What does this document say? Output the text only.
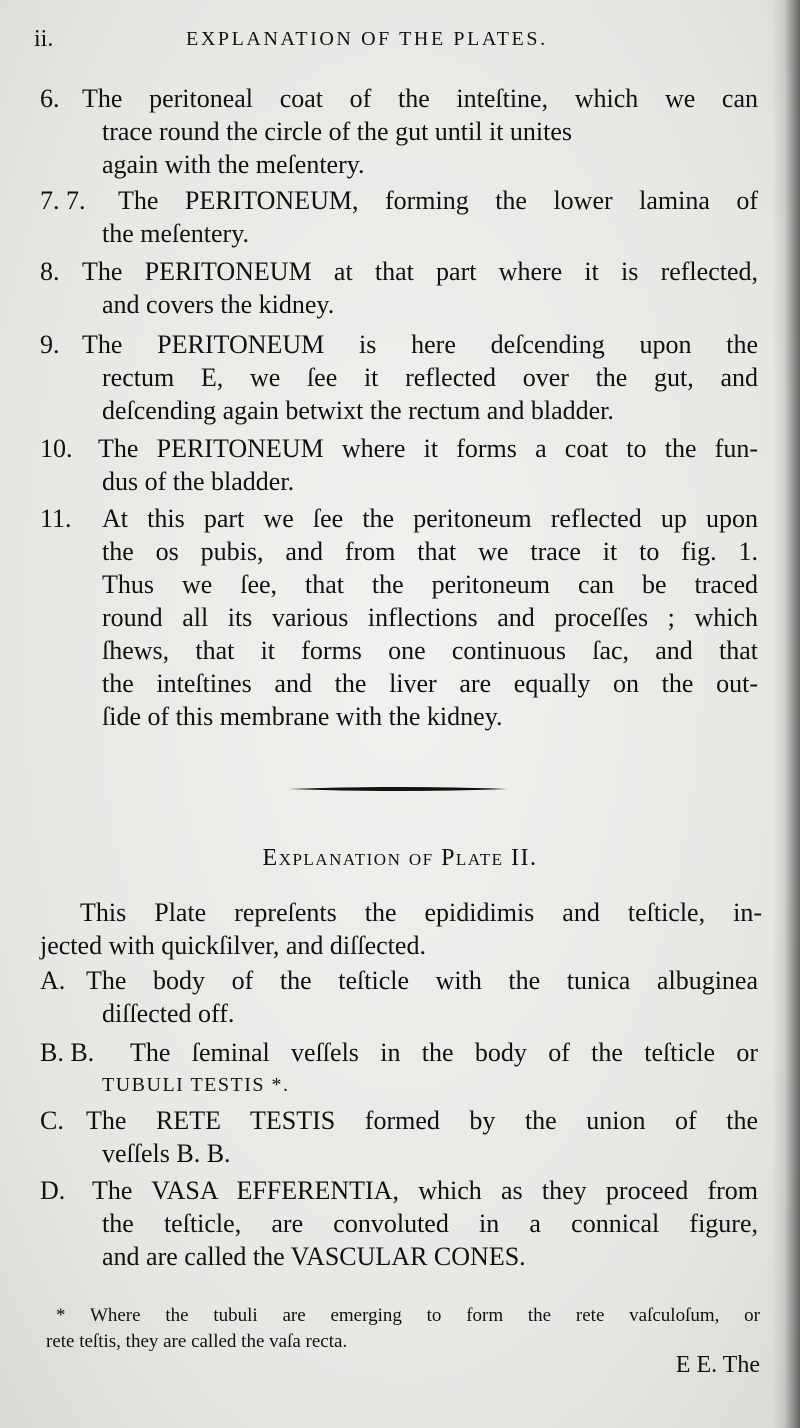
ii.	EXPLANATION OF THE PLATES.
6. The peritoneal coat of the inteſtine, which we can
trace round the circle of the gut until it unites
again with the meſentery.
7. 7.	The PERITONEUM, forming the lower lamina of
the meſentery.
8. The PERITONEUM at that part where it is reflected,
and covers the kidney.
9. The PERITONEUM is here deſcending upon the
rectum E, we ſee it reflected over the gut, and
deſcending again betwixt the rectum and bladder.
10. The PERITONEUM where it forms a coat to the fun-
dus of the bladder.
11.	At this part we ſee the peritoneum reflected up upon
the os pubis, and from that we trace it to fig. 1.
Thus we ſee, that the peritoneum can be traced
round all its various inflections and proceſſes ; which
ſhews, that it forms one continuous ſac, and that
the inteſtines and the liver are equally on the out-
ſide of this membrane with the kidney.
Explanation of Plate II.
This Plate repreſents the epididimis and teſticle, in-
jected with quickſilver, and diſſected.
A. The body of the teſticle with the tunica albuginea
diſſected off.
B. B.	The ſeminal veſſels in the body of the teſticle or
TUBULI TESTIS *.
C. The RETE TESTIS formed by the union of the
veſſels B. B.
D.	The VASA EFFERENTIA, which as they proceed from
the teſticle, are convoluted in a connical figure,
and are called the VASCULAR CONES.
* Where the tubuli are emerging to form the rete vaſculoſum, or
rete teſtis, they are called the vaſa recta.
E E. The
